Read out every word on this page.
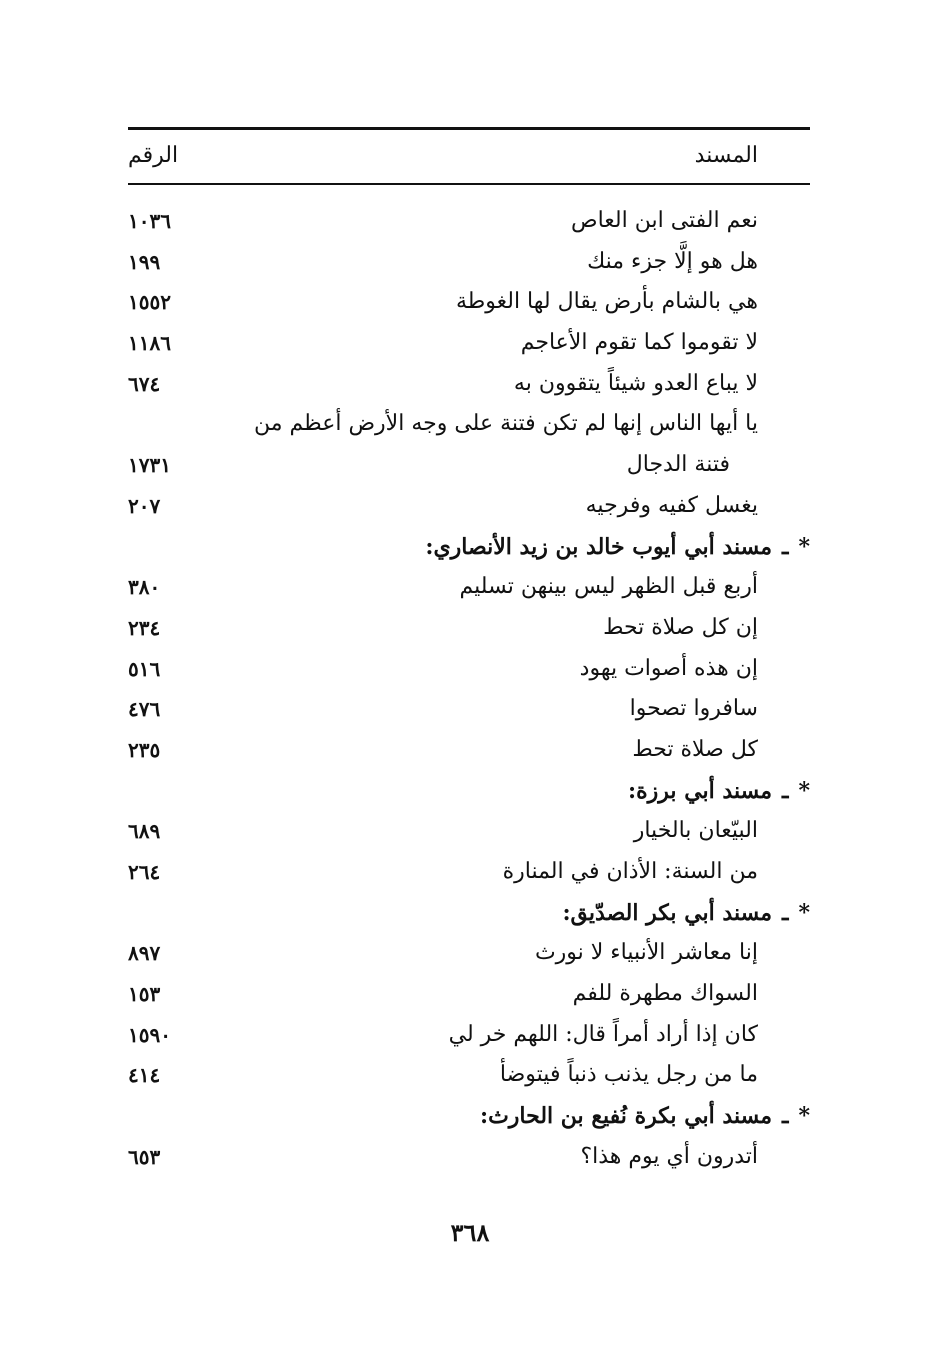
المسند
الرقم
نعم الفتى ابن العاص
١٠٣٦
هل هو إلَّا جزء منك
١٩٩
هي بالشام بأرض يقال لها الغوطة
١٥٥٢
لا تقوموا كما تقوم الأعاجم
١١٨٦
لا يباع العدو شيئاً يتقوون به
٦٧٤
يا أيها الناس إنها لم تكن فتنة على وجه الأرض أعظم من
فتنة الدجال
١٧٣١
يغسل كفيه وفرجيه
٢٠٧
*ـمسند أبي أيوب خالد بن زيد الأنصاري:
أربع قبل الظهر ليس بينهن تسليم
٣٨٠
إن كل صلاة تحط
٢٣٤
إن هذه أصوات يهود
٥١٦
سافروا تصحوا
٤٧٦
كل صلاة تحط
٢٣٥
*ـمسند أبي برزة:
البيّعان بالخيار
٦٨٩
من السنة: الأذان في المنارة
٢٦٤
*ـمسند أبي بكر الصدّيق:
إنا معاشر الأنبياء لا نورث
٨٩٧
السواك مطهرة للفم
١٥٣
كان إذا أراد أمراً قال: اللهم خر لي
١٥٩٠
ما من رجل يذنب ذنباً فيتوضأ
٤١٤
*ـمسند أبي بكرة نُفيع بن الحارث:
أتدرون أي يوم هذا؟
٦٥٣
٣٦٨
